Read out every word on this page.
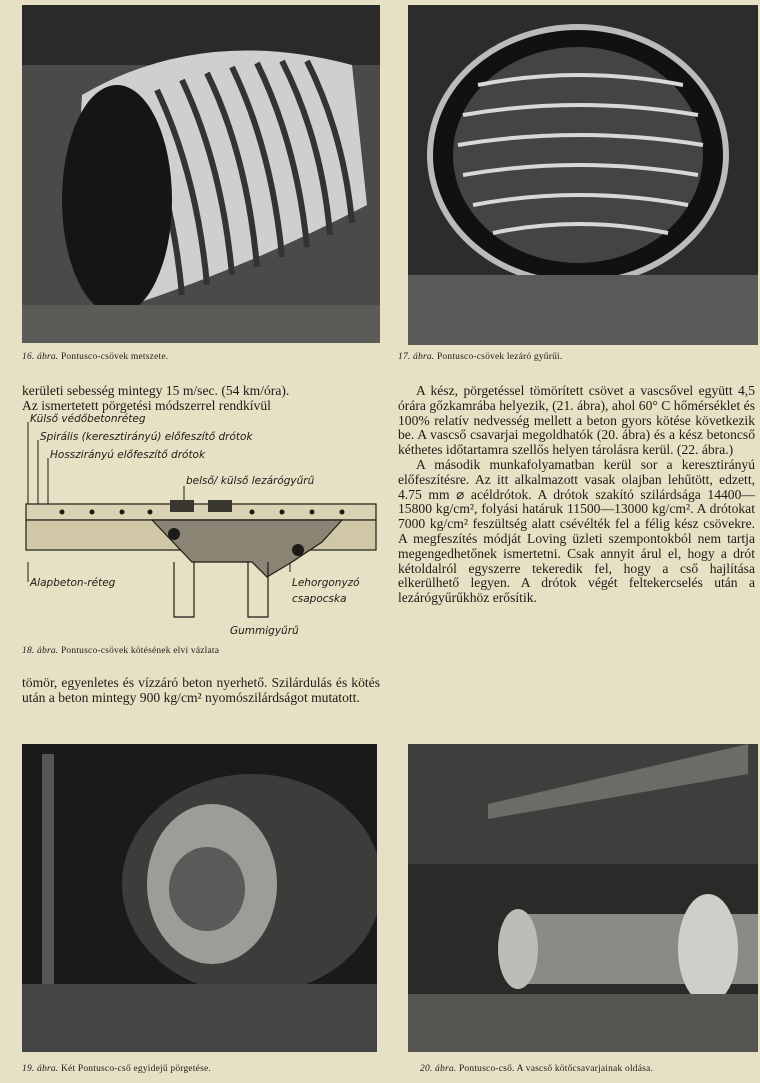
16. ábra. Pontusco-csövek metszete.	17. ábra. Pontusco-csövek lezáró gyűrűi.

kerületi sebesség mintegy 15 m/sec. (54 km/óra).

Az ismertetett pörgetési módszerrel rendkívül

Külső védőbetonréteg
Spirális (keresztirányú) előfeszítő drótok
Hosszirányú előfeszítő drótok
belső/ külső lezárógyűrű
Alapbeton-réteg	Lehorgonyzó
csapocska
Gummigyűrű
18. ábra. Pontusco-csövek kötésének elvi vázlata

tömör, egyenletes és vízzáró beton nyerhető. Szilárdulás és kötés után a beton mintegy 900 kg/cm² nyomószilárdságot mutatott.

A kész, pörgetéssel tömörített csövet a vascsővel együtt 4,5 órára gőzkamrába helyezik, (21. ábra), ahol 60° C hőmérséklet és 100% relatív nedvesség mellett a beton gyors kötése következik be. A vascső csavarjai megoldhatók (20. ábra) és a kész betoncső kéthetes időtartamra szellős helyen tárolásra kerül. (22. ábra.)

A második munkafolyamatban kerül sor a keresztirányú előfeszítésre. Az itt alkalmazott vasak olajban lehűtött, edzett, 4.75 mm ⌀ acéldrótok. A drótok szakító szilárdsága 14400—15800 kg/cm², folyási határuk 11500—13000 kg/cm². A drótokat 7000 kg/cm² feszültség alatt csévélték fel a félig kész csövekre. A megfeszítés módját Loving üzleti szempontokból nem tartja megengedhetőnek ismertetni. Csak annyit árul el, hogy a drót kétoldalról egyszerre tekeredik fel, hogy a cső hajlítása elkerülhető legyen. A drótok végét feltekercselés után a lezárógyűrűkhöz erősítik.

19. ábra. Két Pontusco-cső egyidejű pörgetése.	20. ábra. Pontusco-cső. A vascső kötőcsavarjainak oldása.
